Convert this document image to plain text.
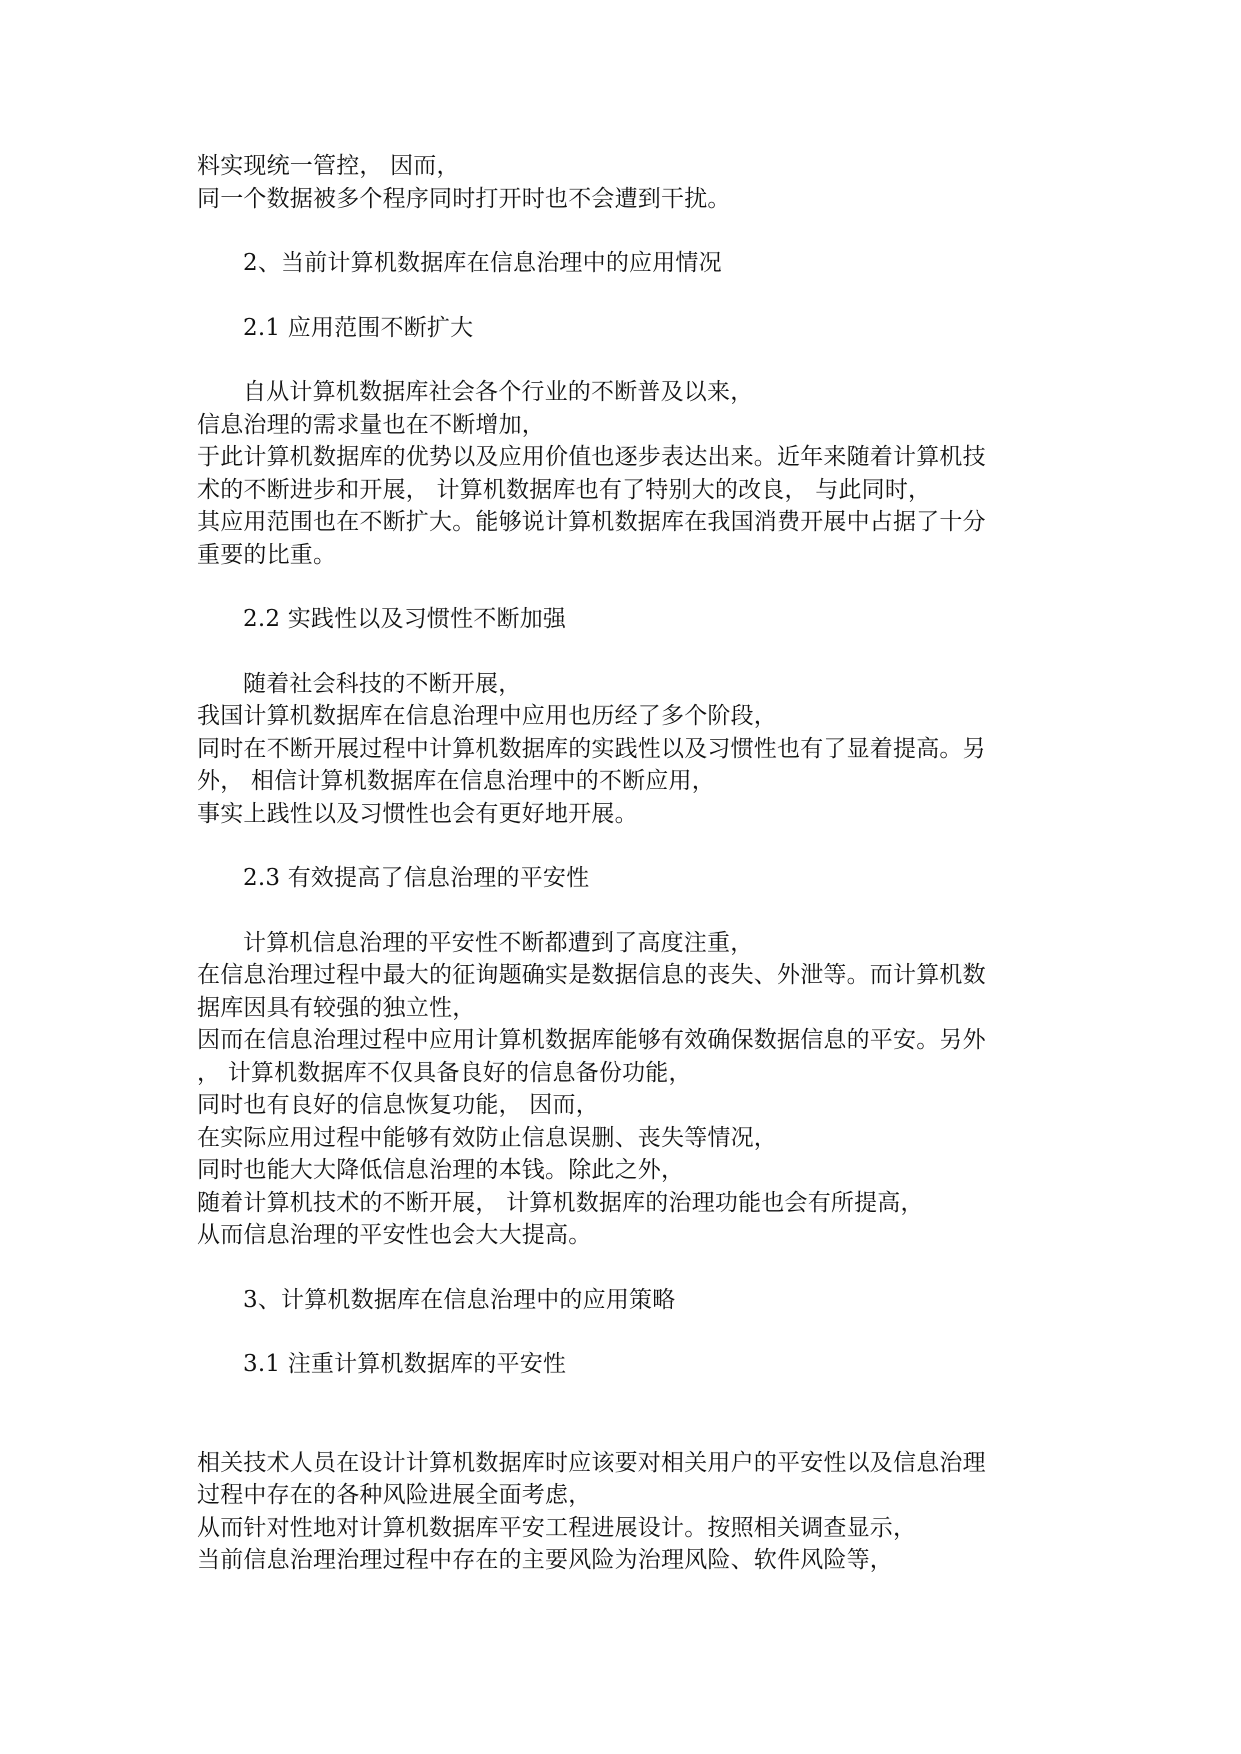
料实现统一管控， 因而，
同一个数据被多个程序同时打开时也不会遭到干扰。
2、当前计算机数据库在信息治理中的应用情况
2.1 应用范围不断扩大
自从计算机数据库社会各个行业的不断普及以来，
信息治理的需求量也在不断增加，
于此计算机数据库的优势以及应用价值也逐步表达出来。近年来随着计算机技
术的不断进步和开展， 计算机数据库也有了特别大的改良， 与此同时，
其应用范围也在不断扩大。能够说计算机数据库在我国消费开展中占据了十分
重要的比重。
2.2 实践性以及习惯性不断加强
随着社会科技的不断开展，
我国计算机数据库在信息治理中应用也历经了多个阶段，
同时在不断开展过程中计算机数据库的实践性以及习惯性也有了显着提高。另
外， 相信计算机数据库在信息治理中的不断应用，
事实上践性以及习惯性也会有更好地开展。
2.3 有效提高了信息治理的平安性
计算机信息治理的平安性不断都遭到了高度注重，
在信息治理过程中最大的征询题确实是数据信息的丧失、外泄等。而计算机数
据库因具有较强的独立性，
因而在信息治理过程中应用计算机数据库能够有效确保数据信息的平安。另外
， 计算机数据库不仅具备良好的信息备份功能，
同时也有良好的信息恢复功能， 因而，
在实际应用过程中能够有效防止信息误删、丧失等情况，
同时也能大大降低信息治理的本钱。除此之外，
随着计算机技术的不断开展， 计算机数据库的治理功能也会有所提高，
从而信息治理的平安性也会大大提高。
3、计算机数据库在信息治理中的应用策略
3.1 注重计算机数据库的平安性
相关技术人员在设计计算机数据库时应该要对相关用户的平安性以及信息治理
过程中存在的各种风险进展全面考虑，
从而针对性地对计算机数据库平安工程进展设计。按照相关调查显示，
当前信息治理治理过程中存在的主要风险为治理风险、软件风险等，
